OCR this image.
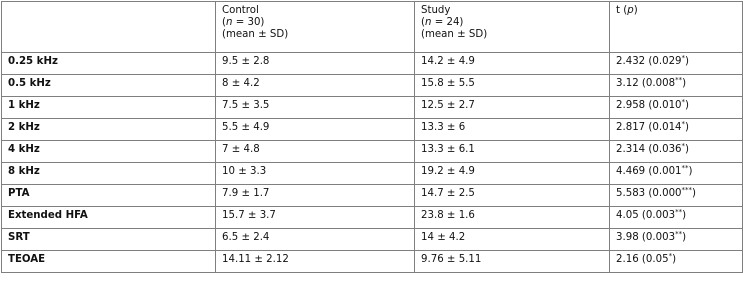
	Control
(n = 30)
(mean ± SD)	Study
(n = 24)
(mean ± SD)	t (p)
0.25 kHz	9.5 ± 2.8	14.2 ± 4.9	2.432 (0.029*)
0.5 kHz	8 ± 4.2	15.8 ± 5.5	3.12 (0.008**)
1 kHz	7.5 ± 3.5	12.5 ± 2.7	2.958 (0.010*)
2 kHz	5.5 ± 4.9	13.3 ± 6	2.817 (0.014*)
4 kHz	7 ± 4.8	13.3 ± 6.1	2.314 (0.036*)
8 kHz	10 ± 3.3	19.2 ± 4.9	4.469 (0.001**)
PTA	7.9 ± 1.7	14.7 ± 2.5	5.583 (0.000***)
Extended HFA	15.7 ± 3.7	23.8 ± 1.6	4.05 (0.003**)
SRT	6.5 ± 2.4	14 ± 4.2	3.98 (0.003**)
TEOAE	14.11 ± 2.12	9.76 ± 5.11	2.16 (0.05*)
